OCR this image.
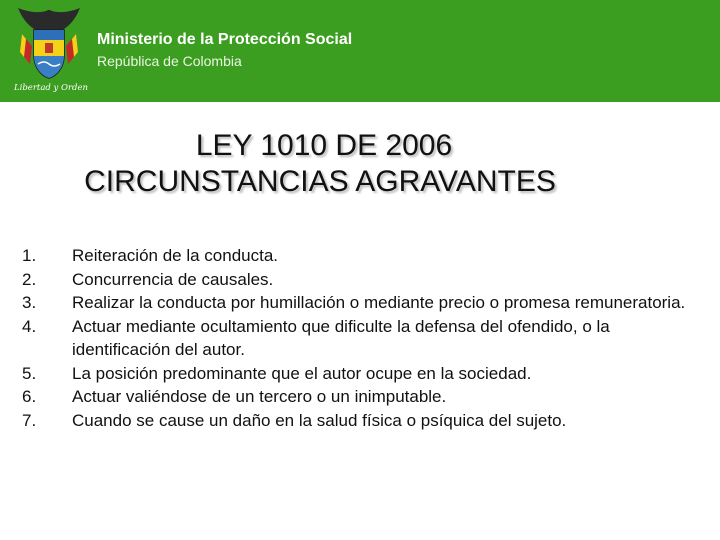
Libertad y Orden
Ministerio de la Protección Social
República de Colombia
LEY 1010 DE 2006
CIRCUNSTANCIAS AGRAVANTES
1.	Reiteración de la conducta.
2.	Concurrencia de causales.
3.	Realizar la conducta por humillación o mediante precio o promesa remuneratoria.
4.	Actuar mediante ocultamiento que dificulte la defensa del ofendido, o la identificación del autor.
5.	La posición predominante que el autor ocupe en la sociedad.
6.	Actuar valiéndose de un tercero o un inimputable.
7.	Cuando se cause un daño en la salud física o psíquica del sujeto.
